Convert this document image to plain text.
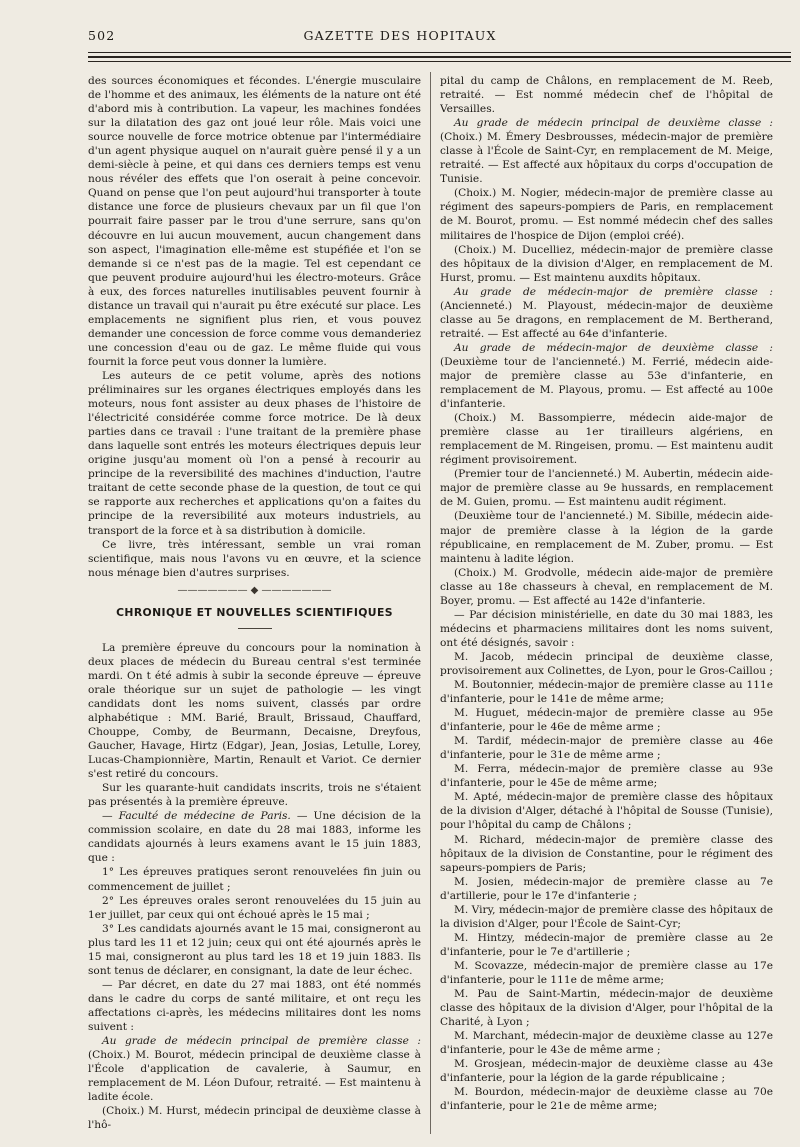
502	GAZETTE DES HOPITAUX

des sources économiques et fécondes. L'énergie musculaire de l'homme et des animaux, les éléments de la nature ont été d'abord mis à contribution. La vapeur, les machines fondées sur la dilatation des gaz ont joué leur rôle. Mais voici une source nouvelle de force motrice obtenue par l'intermédiaire d'un agent physique auquel on n'aurait guère pensé il y a un demi-siècle à peine, et qui dans ces derniers temps est venu nous révéler des effets que l'on oserait à peine concevoir. Quand on pense que l'on peut aujourd'hui transporter à toute distance une force de plusieurs chevaux par un fil que l'on pourrait faire passer par le trou d'une serrure, sans qu'on découvre en lui aucun mouvement, aucun changement dans son aspect, l'imagination elle-même est stupéfiée et l'on se demande si ce n'est pas de la magie. Tel est cependant ce que peuvent produire aujourd'hui les électro-moteurs. Grâce à eux, des forces naturelles inutilisables peuvent fournir à distance un travail qui n'aurait pu être exécuté sur place. Les emplacements ne signifient plus rien, et vous pouvez demander une concession de force comme vous demanderiez une concession d'eau ou de gaz. Le même fluide qui vous fournit la force peut vous donner la lumière.

Les auteurs de ce petit volume, après des notions préliminaires sur les organes électriques employés dans les moteurs, nous font assister au deux phases de l'histoire de l'électricité considérée comme force motrice. De là deux parties dans ce travail : l'une traitant de la première phase dans laquelle sont entrés les moteurs électriques depuis leur origine jusqu'au moment où l'on a pensé à recourir au principe de la reversibilité des machines d'induction, l'autre traitant de cette seconde phase de la question, de tout ce qui se rapporte aux recherches et applications qu'on a faites du principe de la reversibilité aux moteurs industriels, au transport de la force et à sa distribution à domicile.

Ce livre, très intéressant, semble un vrai roman scientifique, mais nous l'avons vu en œuvre, et la science nous ménage bien d'autres surprises.

——————— ◆ ———————
CHRONIQUE ET NOUVELLES SCIENTIFIQUES

La première épreuve du concours pour la nomination à deux places de médecin du Bureau central s'est terminée mardi. On t été admis à subir la seconde épreuve — épreuve orale théorique sur un sujet de pathologie — les vingt candidats dont les noms suivent, classés par ordre alphabétique : MM. Barié, Brault, Brissaud, Chauffard, Chouppe, Comby, de Beurmann, Decaisne, Dreyfous, Gaucher, Havage, Hirtz (Edgar), Jean, Josias, Letulle, Lorey, Lucas-Championnière, Martin, Renault et Variot. Ce dernier s'est retiré du concours.

Sur les quarante-huit candidats inscrits, trois ne s'étaient pas présentés à la première épreuve.

— Faculté de médecine de Paris. — Une décision de la commission scolaire, en date du 28 mai 1883, informe les candidats ajournés à leurs examens avant le 15 juin 1883, que :

1° Les épreuves pratiques seront renouvelées fin juin ou commencement de juillet ;

2° Les épreuves orales seront renouvelées du 15 juin au 1er juillet, par ceux qui ont échoué après le 15 mai ;

3° Les candidats ajournés avant le 15 mai, consigneront au plus tard les 11 et 12 juin; ceux qui ont été ajournés après le 15 mai, consigneront au plus tard les 18 et 19 juin 1883. Ils sont tenus de déclarer, en consignant, la date de leur échec.

— Par décret, en date du 27 mai 1883, ont été nommés dans le cadre du corps de santé militaire, et ont reçu les affectations ci-après, les médecins militaires dont les noms suivent :

Au grade de médecin principal de première classe : (Choix.) M. Bourot, médecin principal de deuxième classe à l'École d'application de cavalerie, à Saumur, en remplacement de M. Léon Dufour, retraité. — Est maintenu à ladite école.

(Choix.) M. Hurst, médecin principal de deuxième classe à l'hô-

pital du camp de Châlons, en remplacement de M. Reeb, retraité. — Est nommé médecin chef de l'hôpital de Versailles.

Au grade de médecin principal de deuxième classe : (Choix.) M. Émery Desbrousses, médecin-major de première classe à l'École de Saint-Cyr, en remplacement de M. Meige, retraité. — Est affecté aux hôpitaux du corps d'occupation de Tunisie.

(Choix.) M. Nogier, médecin-major de première classe au régiment des sapeurs-pompiers de Paris, en remplacement de M. Bourot, promu. — Est nommé médecin chef des salles militaires de l'hospice de Dijon (emploi créé).

(Choix.) M. Ducelliez, médecin-major de première classe des hôpitaux de la division d'Alger, en remplacement de M. Hurst, promu. — Est maintenu auxdits hôpitaux.

Au grade de médecin-major de première classe : (Ancienneté.) M. Playoust, médecin-major de deuxième classe au 5e dragons, en remplacement de M. Bertherand, retraité. — Est affecté au 64e d'infanterie.

Au grade de médecin-major de deuxième classe : (Deuxième tour de l'ancienneté.) M. Ferrié, médecin aide-major de première classe au 53e d'infanterie, en remplacement de M. Playous, promu. — Est affecté au 100e d'infanterie.

(Choix.) M. Bassompierre, médecin aide-major de première classe au 1er tirailleurs algériens, en remplacement de M. Ringeisen, promu. — Est maintenu audit régiment provisoirement.

(Premier tour de l'ancienneté.) M. Aubertin, médecin aide-major de première classe au 9e hussards, en remplacement de M. Guien, promu. — Est maintenu audit régiment.

(Deuxième tour de l'ancienneté.) M. Sibille, médecin aide-major de première classe à la légion de la garde républicaine, en remplacement de M. Zuber, promu. — Est maintenu à ladite légion.

(Choix.) M. Grodvolle, médecin aide-major de première classe au 18e chasseurs à cheval, en remplacement de M. Boyer, promu. — Est affecté au 142e d'infanterie.

— Par décision ministérielle, en date du 30 mai 1883, les médecins et pharmaciens militaires dont les noms suivent, ont été désignés, savoir :

M. Jacob, médecin principal de deuxième classe, provisoirement aux Colinettes, de Lyon, pour le Gros-Caillou ;

M. Boutonnier, médecin-major de première classe au 111e d'infanterie, pour le 141e de même arme;

M. Huguet, médecin-major de première classe au 95e d'infanterie, pour le 46e de même arme ;

M. Tardif, médecin-major de première classe au 46e d'infanterie, pour le 31e de même arme ;

M. Ferra, médecin-major de première classe au 93e d'infanterie, pour le 45e de même arme;

M. Apté, médecin-major de première classe des hôpitaux de la division d'Alger, détaché à l'hôpital de Sousse (Tunisie), pour l'hôpital du camp de Châlons ;

M. Richard, médecin-major de première classe des hôpitaux de la division de Constantine, pour le régiment des sapeurs-pompiers de Paris;

M. Josien, médecin-major de première classe au 7e d'artillerie, pour le 17e d'infanterie ;

M. Viry, médecin-major de première classe des hôpitaux de la division d'Alger, pour l'École de Saint-Cyr;

M. Hintzy, médecin-major de première classe au 2e d'infanterie, pour le 7e d'artillerie ;

M. Scovazze, médecin-major de première classe au 17e d'infanterie, pour le 111e de même arme;

M. Pau de Saint-Martin, médecin-major de deuxième classe des hôpitaux de la division d'Alger, pour l'hôpital de la Charité, à Lyon ;

M. Marchant, médecin-major de deuxième classe au 127e d'infanterie, pour le 43e de même arme ;

M. Grosjean, médecin-major de deuxième classe au 43e d'infanterie, pour la légion de la garde républicaine ;

M. Bourdon, médecin-major de deuxième classe au 70e d'infanterie, pour le 21e de même arme;
